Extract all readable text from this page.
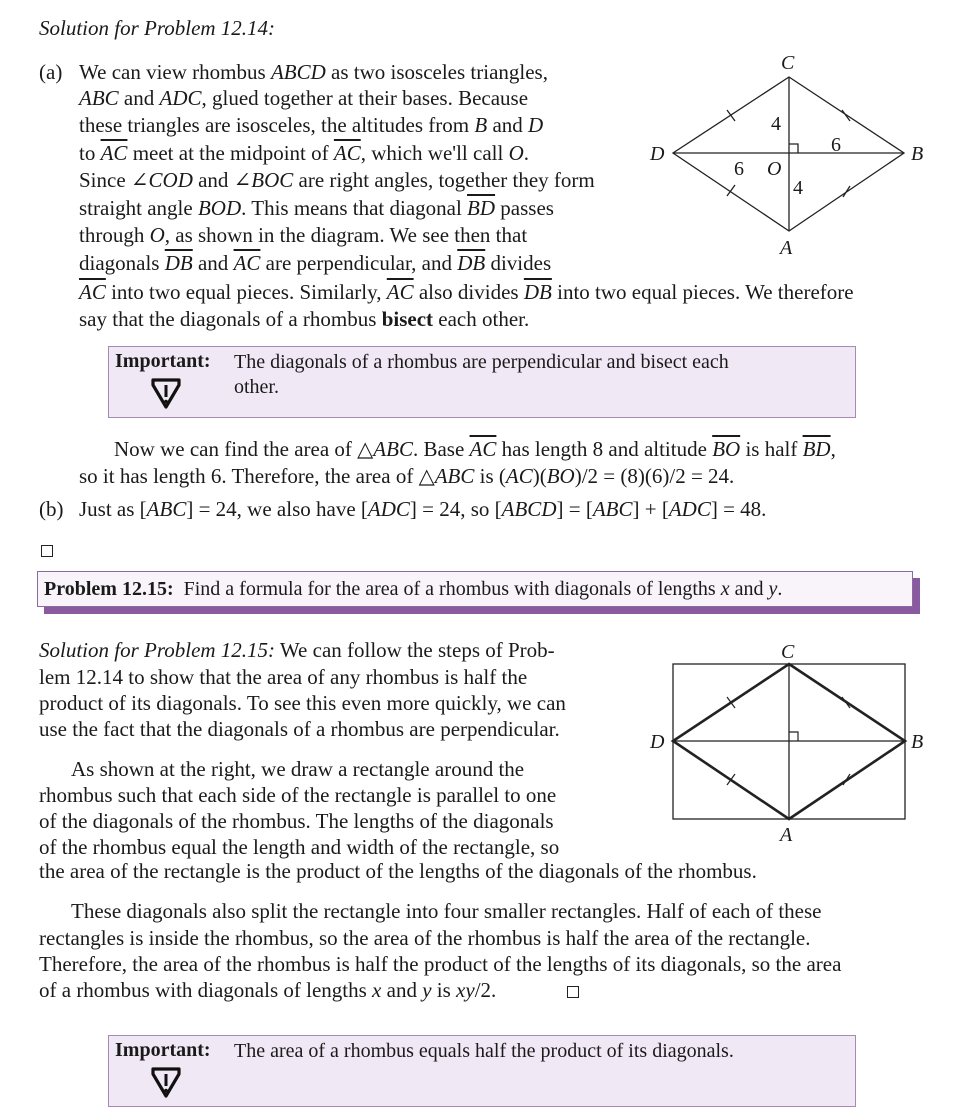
Solution for Problem 12.14:
(a) We can view rhombus ABCD as two isosceles triangles,
ABC and ADC, glued together at their bases. Because
these triangles are isosceles, the altitudes from B and D
to $\overline{AC}$ meet at the midpoint of $\overline{AC}$, which we'll call O.
Since ∠COD and ∠BOC are right angles, together they form
straight angle BOD. This means that diagonal $\overline{BD}$ passes
through O, as shown in the diagram. We see then that
diagonals $\overline{DB}$ and $\overline{AC}$ are perpendicular, and $\overline{DB}$ divides
$\overline{AC}$ into two equal pieces. Similarly, $\overline{AC}$ also divides $\overline{DB}$ into two equal pieces. We therefore
say that the diagonals of a rhombus bisect each other.
C
D	B
A
O
4
4
6
6
Important: The diagonals of a rhombus are perpendicular and bisect each
other.
Now we can find the area of △ABC. Base $\overline{AC}$ has length 8 and altitude $\overline{BO}$ is half $\overline{BD}$,
so it has length 6. Therefore, the area of △ABC is (AC)(BO)/2 = (8)(6)/2 = 24.
(b) Just as [ABC] = 24, we also have [ADC] = 24, so [ABCD] = [ABC] + [ADC] = 48.
Problem 12.15: Find a formula for the area of a rhombus with diagonals of lengths x and y.
Solution for Problem 12.15: We can follow the steps of Prob-
lem 12.14 to show that the area of any rhombus is half the
product of its diagonals. To see this even more quickly, we can
use the fact that the diagonals of a rhombus are perpendicular.
As shown at the right, we draw a rectangle around the
rhombus such that each side of the rectangle is parallel to one
of the diagonals of the rhombus. The lengths of the diagonals
of the rhombus equal the length and width of the rectangle, so
the area of the rectangle is the product of the lengths of the diagonals of the rhombus.
These diagonals also split the rectangle into four smaller rectangles. Half of each of these
rectangles is inside the rhombus, so the area of the rhombus is half the area of the rectangle.
Therefore, the area of the rhombus is half the product of the lengths of its diagonals, so the area
of a rhombus with diagonals of lengths x and y is xy/2.
C
D	B
A
Important: The area of a rhombus equals half the product of its diagonals.
